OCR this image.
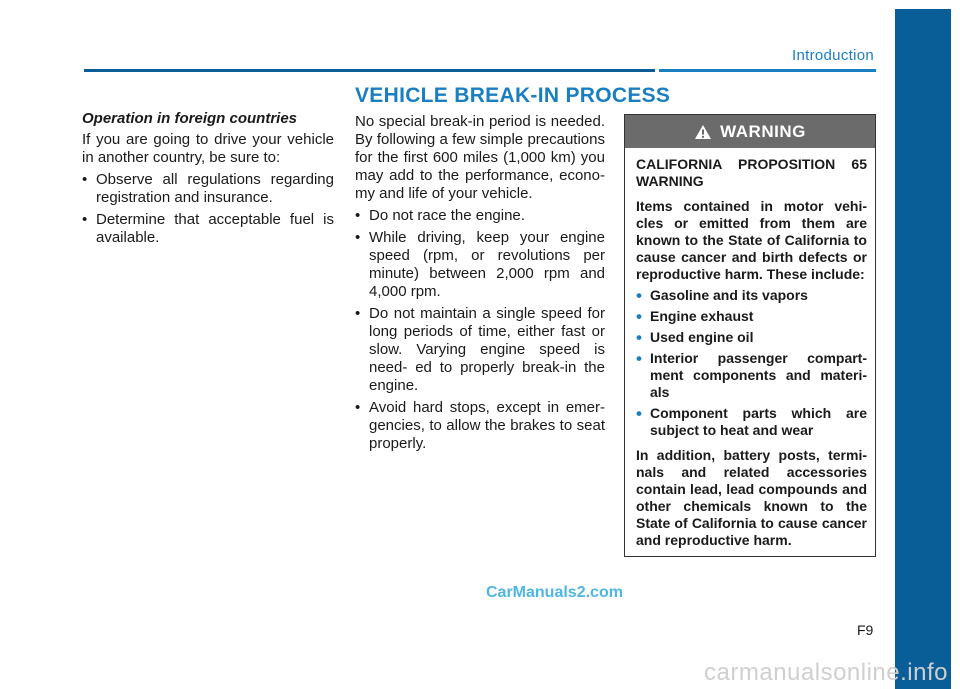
Introduction
Operation in foreign countries

If you are going to drive your vehicle in another country, be sure to:

• Observe all regulations regarding registration and insurance.
• Determine that acceptable fuel is available.
VEHICLE BREAK-IN PROCESS

No special break-in period is needed. By following a few simple precautions for the first 600 miles (1,000 km) you may add to the performance, econo- my and life of your vehicle.

• Do not race the engine.
• While driving, keep your engine speed (rpm, or revolutions per minute) between 2,000 rpm and 4,000 rpm.
• Do not maintain a single speed for long periods of time, either fast or slow. Varying engine speed is need- ed to properly break-in the engine.
• Avoid hard stops, except in emer- gencies, to allow the brakes to seat properly.
WARNING

CALIFORNIA PROPOSITION 65 WARNING

Items contained in motor vehi- cles or emitted from them are known to the State of California to cause cancer and birth defects or reproductive harm. These include:

• Gasoline and its vapors
• Engine exhaust
• Used engine oil
• Interior passenger compart- ment components and materi- als
• Component parts which are subject to heat and wear

In addition, battery posts, termi- nals and related accessories contain lead, lead compounds and other chemicals known to the State of California to cause cancer and reproductive harm.

CarManuals2.com
F9
carmanualsonline.info
